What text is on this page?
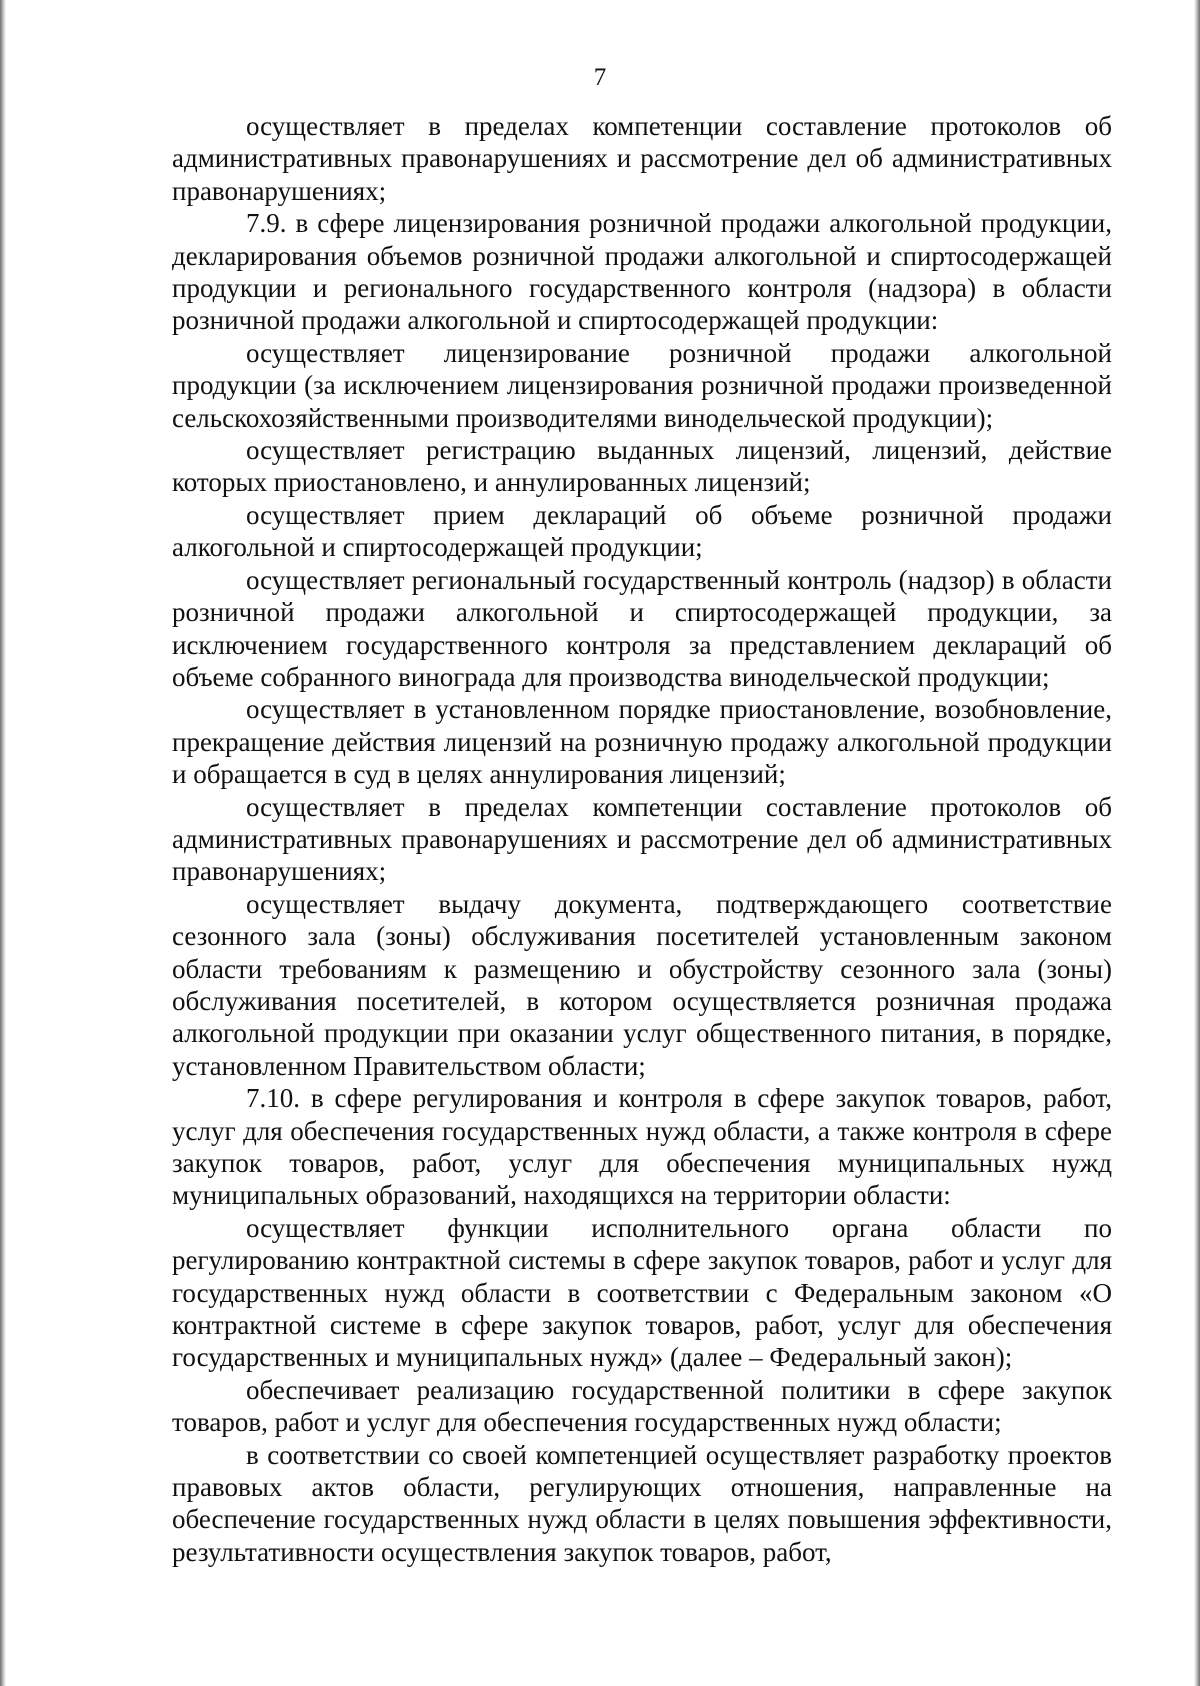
7

осуществляет в пределах компетенции составление протоколов об административных правонарушениях и рассмотрение дел об административных правонарушениях;

7.9. в сфере лицензирования розничной продажи алкогольной продукции, декларирования объемов розничной продажи алкогольной и спиртосодержащей продукции и регионального государственного контроля (надзора) в области розничной продажи алкогольной и спиртосодержащей продукции:

осуществляет лицензирование розничной продажи алкогольной продукции (за исключением лицензирования розничной продажи произведенной сельскохозяйственными производителями винодельческой продукции);

осуществляет регистрацию выданных лицензий, лицензий, действие которых приостановлено, и аннулированных лицензий;

осуществляет прием деклараций об объеме розничной продажи алкогольной и спиртосодержащей продукции;

осуществляет региональный государственный контроль (надзор) в области розничной продажи алкогольной и спиртосодержащей продукции, за исключением государственного контроля за представлением деклараций об объеме собранного винограда для производства винодельческой продукции;

осуществляет в установленном порядке приостановление, возобновление, прекращение действия лицензий на розничную продажу алкогольной продукции и обращается в суд в целях аннулирования лицензий;

осуществляет в пределах компетенции составление протоколов об административных правонарушениях и рассмотрение дел об административных правонарушениях;

осуществляет выдачу документа, подтверждающего соответствие сезонного зала (зоны) обслуживания посетителей установленным законом области требованиям к размещению и обустройству сезонного зала (зоны) обслуживания посетителей, в котором осуществляется розничная продажа алкогольной продукции при оказании услуг общественного питания, в порядке, установленном Правительством области;

7.10. в сфере регулирования и контроля в сфере закупок товаров, работ, услуг для обеспечения государственных нужд области, а также контроля в сфере закупок товаров, работ, услуг для обеспечения муниципальных нужд муниципальных образований, находящихся на территории области:

осуществляет функции исполнительного органа области по регулированию контрактной системы в сфере закупок товаров, работ и услуг для государственных нужд области в соответствии с Федеральным законом «О контрактной системе в сфере закупок товаров, работ, услуг для обеспечения государственных и муниципальных нужд» (далее – Федеральный закон);

обеспечивает реализацию государственной политики в сфере закупок товаров, работ и услуг для обеспечения государственных нужд области;

в соответствии со своей компетенцией осуществляет разработку проектов правовых актов области, регулирующих отношения, направленные на обеспечение государственных нужд области в целях повышения эффективности, результативности осуществления закупок товаров, работ,
